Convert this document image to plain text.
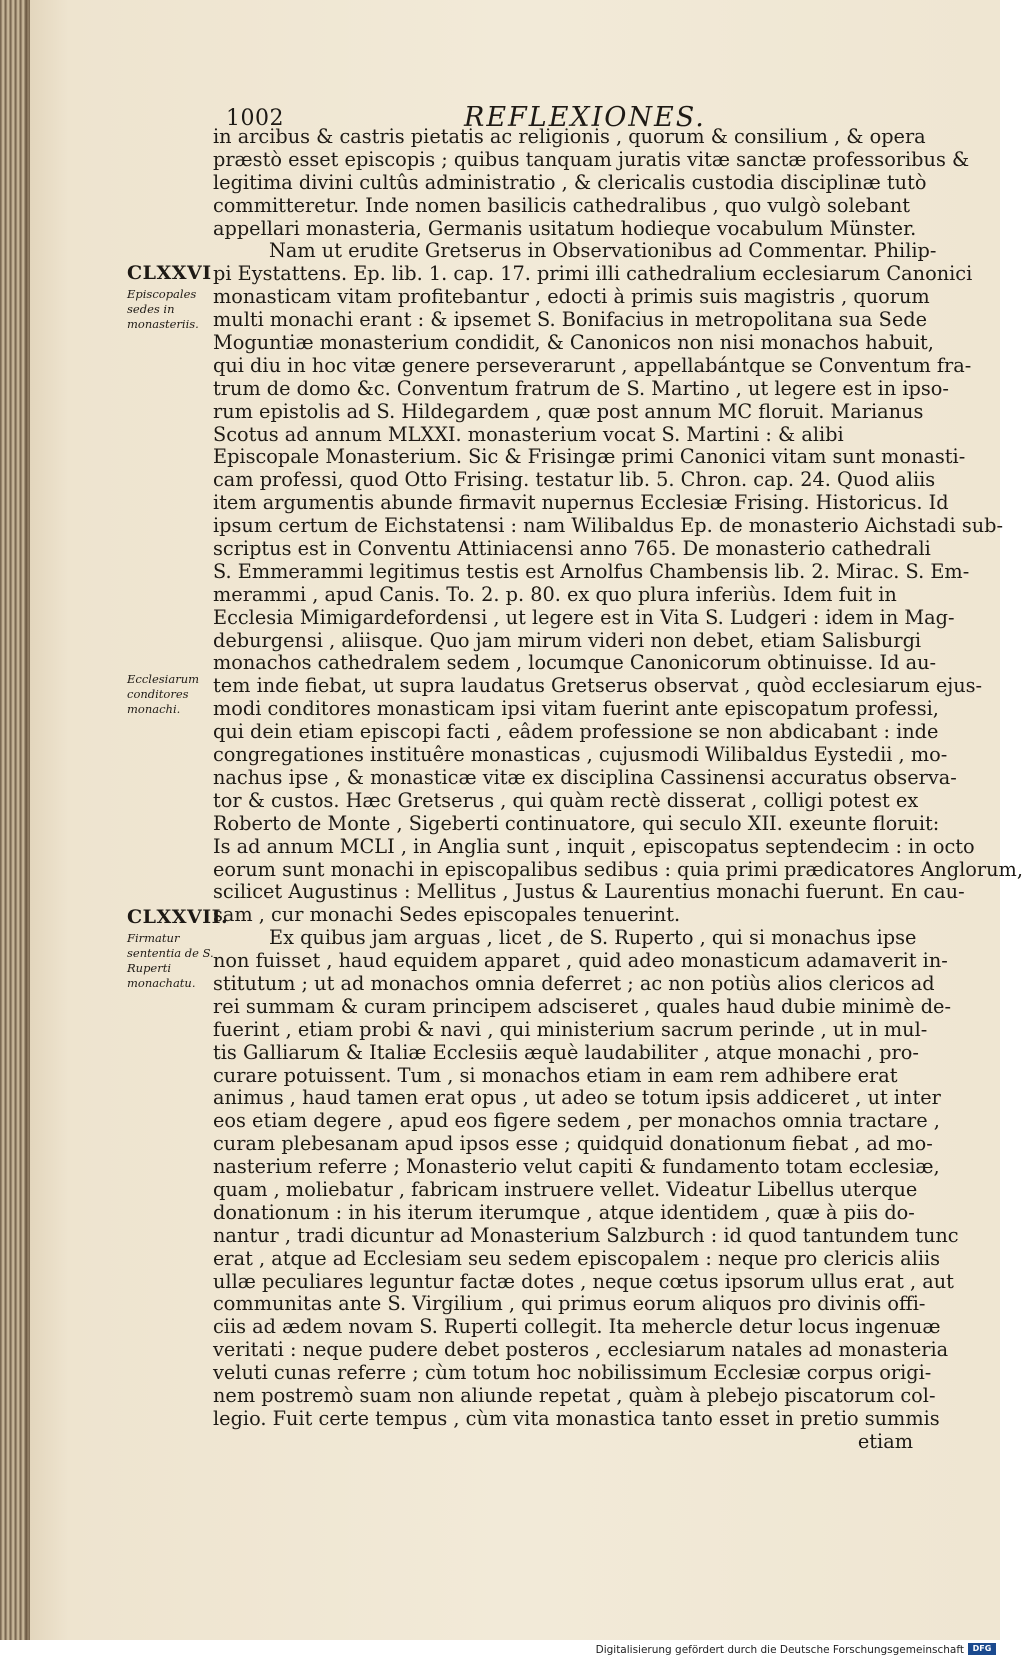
1002	REFLEXIONES.
CLXXVI
Episcopales sedes in monasteriis.
Ecclesiarum conditores monachi.
CLXXVII.
Firmatur sententia de S. Ruperti monachatu.
in arcibus & castris pietatis ac religionis , quorum & consilium , & opera
præstò esset episcopis ; quibus tanquam juratis vitæ sanctæ professoribus &
legitima divini cultûs administratio , & clericalis custodia disciplinæ tutò
committeretur. Inde nomen basilicis cathedralibus , quo vulgò solebant
appellari monasteria, Germanis usitatum hodieque vocabulum Münster.
Nam ut erudite Gretserus in Observationibus ad Commentar. Philip-
pi Eystattens. Ep. lib. 1. cap. 17. primi illi cathedralium ecclesiarum Canonici
monasticam vitam profitebantur , edocti à primis suis magistris , quorum
multi monachi erant : & ipsemet S. Bonifacius in metropolitana sua Sede
Moguntiæ monasterium condidit, & Canonicos non nisi monachos habuit,
qui diu in hoc vitæ genere perseverarunt , appellabántque se Conventum fra-
trum de domo &c. Conventum fratrum de S. Martino , ut legere est in ipso-
rum epistolis ad S. Hildegardem , quæ post annum MC floruit. Marianus
Scotus ad annum MLXXI. monasterium vocat S. Martini : & alibi
Episcopale Monasterium. Sic & Frisingæ primi Canonici vitam sunt monasti-
cam professi, quod Otto Frising. testatur lib. 5. Chron. cap. 24. Quod aliis
item argumentis abunde firmavit nupernus Ecclesiæ Frising. Historicus. Id
ipsum certum de Eichstatensi : nam Wilibaldus Ep. de monasterio Aichstadi sub-
scriptus est in Conventu Attiniacensi anno 765. De monasterio cathedrali
S. Emmerammi legitimus testis est Arnolfus Chambensis lib. 2. Mirac. S. Em-
merammi , apud Canis. To. 2. p. 80. ex quo plura inferiùs. Idem fuit in
Ecclesia Mimigardefordensi , ut legere est in Vita S. Ludgeri : idem in Mag-
deburgensi , aliisque. Quo jam mirum videri non debet, etiam Salisburgi
monachos cathedralem sedem , locumque Canonicorum obtinuisse. Id au-
tem inde fiebat, ut supra laudatus Gretserus observat , quòd ecclesiarum ejus-
modi conditores monasticam ipsi vitam fuerint ante episcopatum professi,
qui dein etiam episcopi facti , eâdem professione se non abdicabant : inde
congregationes instituêre monasticas , cujusmodi Wilibaldus Eystedii , mo-
nachus ipse , & monasticæ vitæ ex disciplina Cassinensi accuratus observa-
tor & custos. Hæc Gretserus , qui quàm rectè disserat , colligi potest ex
Roberto de Monte , Sigeberti continuatore, qui seculo XII. exeunte floruit:
Is ad annum MCLI , in Anglia sunt , inquit , episcopatus septendecim : in octo
eorum sunt monachi in episcopalibus sedibus : quia primi prædicatores Anglorum,
scilicet Augustinus : Mellitus , Justus & Laurentius monachi fuerunt. En cau-
sam , cur monachi Sedes episcopales tenuerint.
Ex quibus jam arguas , licet , de S. Ruperto , qui si monachus ipse
non fuisset , haud equidem apparet , quid adeo monasticum adamaverit in-
stitutum ; ut ad monachos omnia deferret ; ac non potiùs alios clericos ad
rei summam & curam principem adsciseret , quales haud dubie minimè de-
fuerint , etiam probi & navi , qui ministerium sacrum perinde , ut in mul-
tis Galliarum & Italiæ Ecclesiis æquè laudabiliter , atque monachi , pro-
curare potuissent. Tum , si monachos etiam in eam rem adhibere erat
animus , haud tamen erat opus , ut adeo se totum ipsis addiceret , ut inter
eos etiam degere , apud eos figere sedem , per monachos omnia tractare ,
curam plebesanam apud ipsos esse ; quidquid donationum fiebat , ad mo-
nasterium referre ; Monasterio velut capiti & fundamento totam ecclesiæ,
quam , moliebatur , fabricam instruere vellet. Videatur Libellus uterque
donationum : in his iterum iterumque , atque identidem , quæ à piis do-
nantur , tradi dicuntur ad Monasterium Salzburch : id quod tantundem tunc
erat , atque ad Ecclesiam seu sedem episcopalem : neque pro clericis aliis
ullæ peculiares leguntur factæ dotes , neque cœtus ipsorum ullus erat , aut
communitas ante S. Virgilium , qui primus eorum aliquos pro divinis offi-
ciis ad ædem novam S. Ruperti collegit. Ita mehercle detur locus ingenuæ
veritati : neque pudere debet posteros , ecclesiarum natales ad monasteria
veluti cunas referre ; cùm totum hoc nobilissimum Ecclesiæ corpus origi-
nem postremò suam non aliunde repetat , quàm à plebejo piscatorum col-
legio. Fuit certe tempus , cùm vita monastica tanto esset in pretio summis
etiam
Digitalisierung gefördert durch die Deutsche Forschungsgemeinschaft	DFG
